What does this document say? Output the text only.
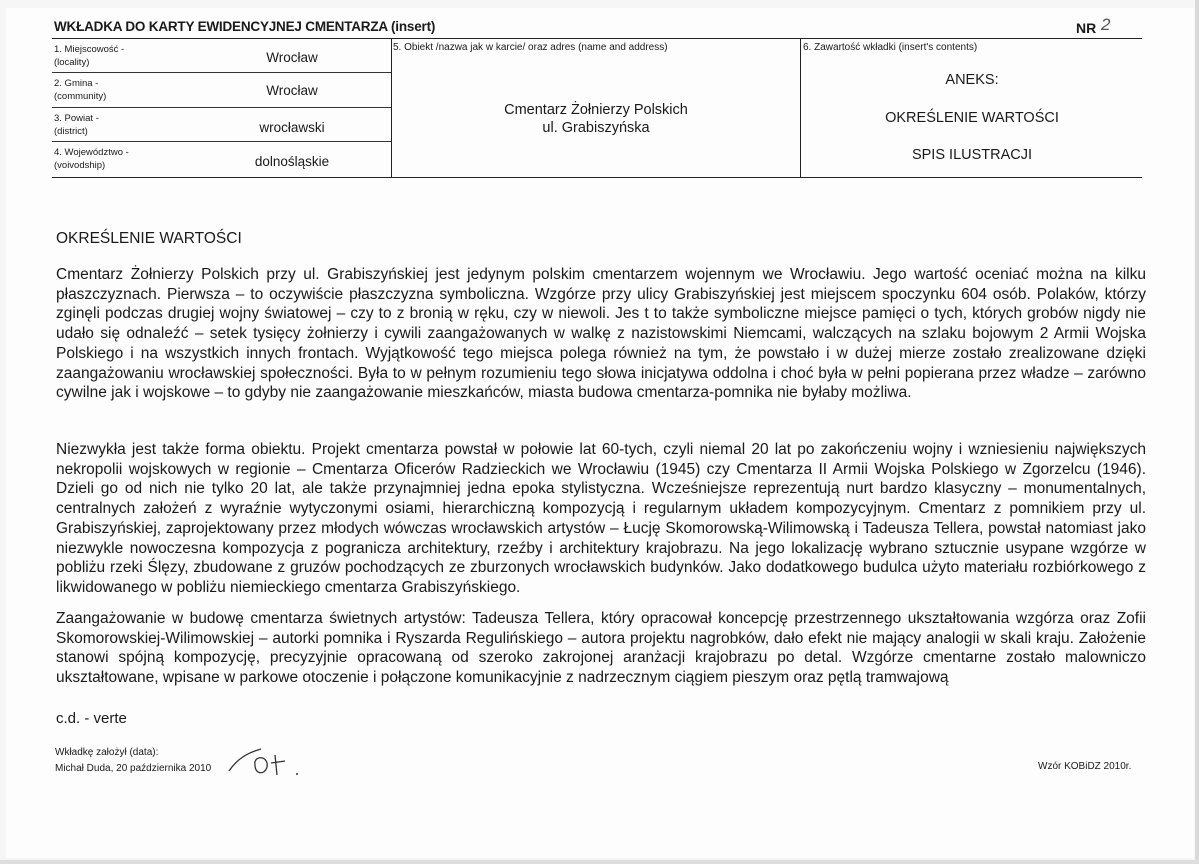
WKŁADKA DO KARTY EWIDENCYJNEJ CMENTARZA (insert)	NR 2
1. Miejscowość -
(locality)	Wrocław
2. Gmina -
(community)	Wrocław
3. Powiat -
(district)	wrocławski
4. Województwo -
(voivodship)	dolnośląskie
5. Obiekt /nazwa jak w karcie/ oraz adres (name and address)
Cmentarz Żołnierzy Polskich
ul. Grabiszyńska
6. Zawartość wkładki (insert's contents)
ANEKS:
OKREŚLENIE WARTOŚCI
SPIS ILUSTRACJI
OKREŚLENIE WARTOŚCI
Cmentarz Żołnierzy Polskich przy ul. Grabiszyńskiej jest jedynym polskim cmentarzem wojennym we Wrocławiu. Jego wartość oceniać można na kilku płaszczyznach. Pierwsza – to oczywiście płaszczyzna symboliczna. Wzgórze przy ulicy Grabiszyńskiej jest miejscem spoczynku 604 osób. Polaków, którzy zginęli podczas drugiej wojny światowej – czy to z bronią w ręku, czy w niewoli. Jes t to także symboliczne miejsce pamięci o tych, których grobów nigdy nie udało się odnaleźć – setek tysięcy żołnierzy i cywili zaangażowanych w walkę z nazistowskimi Niemcami, walczących na szlaku bojowym 2 Armii Wojska Polskiego i na wszystkich innych frontach. Wyjątkowość tego miejsca polega również na tym, że powstało i w dużej mierze zostało zrealizowane dzięki zaangażowaniu wrocławskiej społeczności. Była to w pełnym rozumieniu tego słowa inicjatywa oddolna i choć była w pełni popierana przez władze – zarówno cywilne jak i wojskowe – to gdyby nie zaangażowanie mieszkańców, miasta budowa cmentarza-pomnika nie byłaby możliwa.
Niezwykła jest także forma obiektu. Projekt cmentarza powstał w połowie lat 60-tych, czyli niemal 20 lat po zakończeniu wojny i wzniesieniu największych nekropolii wojskowych w regionie – Cmentarza Oficerów Radzieckich we Wrocławiu (1945) czy Cmentarza II Armii Wojska Polskiego w Zgorzelcu (1946). Dzieli go od nich nie tylko 20 lat, ale także przynajmniej jedna epoka stylistyczna. Wcześniejsze reprezentują nurt bardzo klasyczny – monumentalnych, centralnych założeń z wyraźnie wytyczonymi osiami, hierarchiczną kompozycją i regularnym układem kompozycyjnym. Cmentarz z pomnikiem przy ul. Grabiszyńskiej, zaprojektowany przez młodych wówczas wrocławskich artystów – Łucję Skomorowską-Wilimowską i Tadeusza Tellera, powstał natomiast jako niezwykle nowoczesna kompozycja z pogranicza architektury, rzeźby i architektury krajobrazu. Na jego lokalizację wybrano sztucznie usypane wzgórze w pobliżu rzeki Ślęzy, zbudowane z gruzów pochodzących ze zburzonych wrocławskich budynków. Jako dodatkowego budulca użyto materiału rozbiórkowego z likwidowanego w pobliżu niemieckiego cmentarza Grabiszyńskiego.
Zaangażowanie w budowę cmentarza świetnych artystów: Tadeusza Tellera, który opracował koncepcję przestrzennego ukształtowania wzgórza oraz Zofii Skomorowskiej-Wilimowskiej – autorki pomnika i Ryszarda Regulińskiego – autora projektu nagrobków, dało efekt nie mający analogii w skali kraju. Założenie stanowi spójną kompozycję, precyzyjnie opracowaną od szeroko zakrojonej aranżacji krajobrazu po detal. Wzgórze cmentarne zostało malowniczo ukształtowane, wpisane w parkowe otoczenie i połączone komunikacyjnie z nadrzecznym ciągiem pieszym oraz pętlą tramwajową
c.d. - verte
Wkładkę założył (data):
Michał Duda, 20 października 2010	Wzór KOBiDZ 2010r.
